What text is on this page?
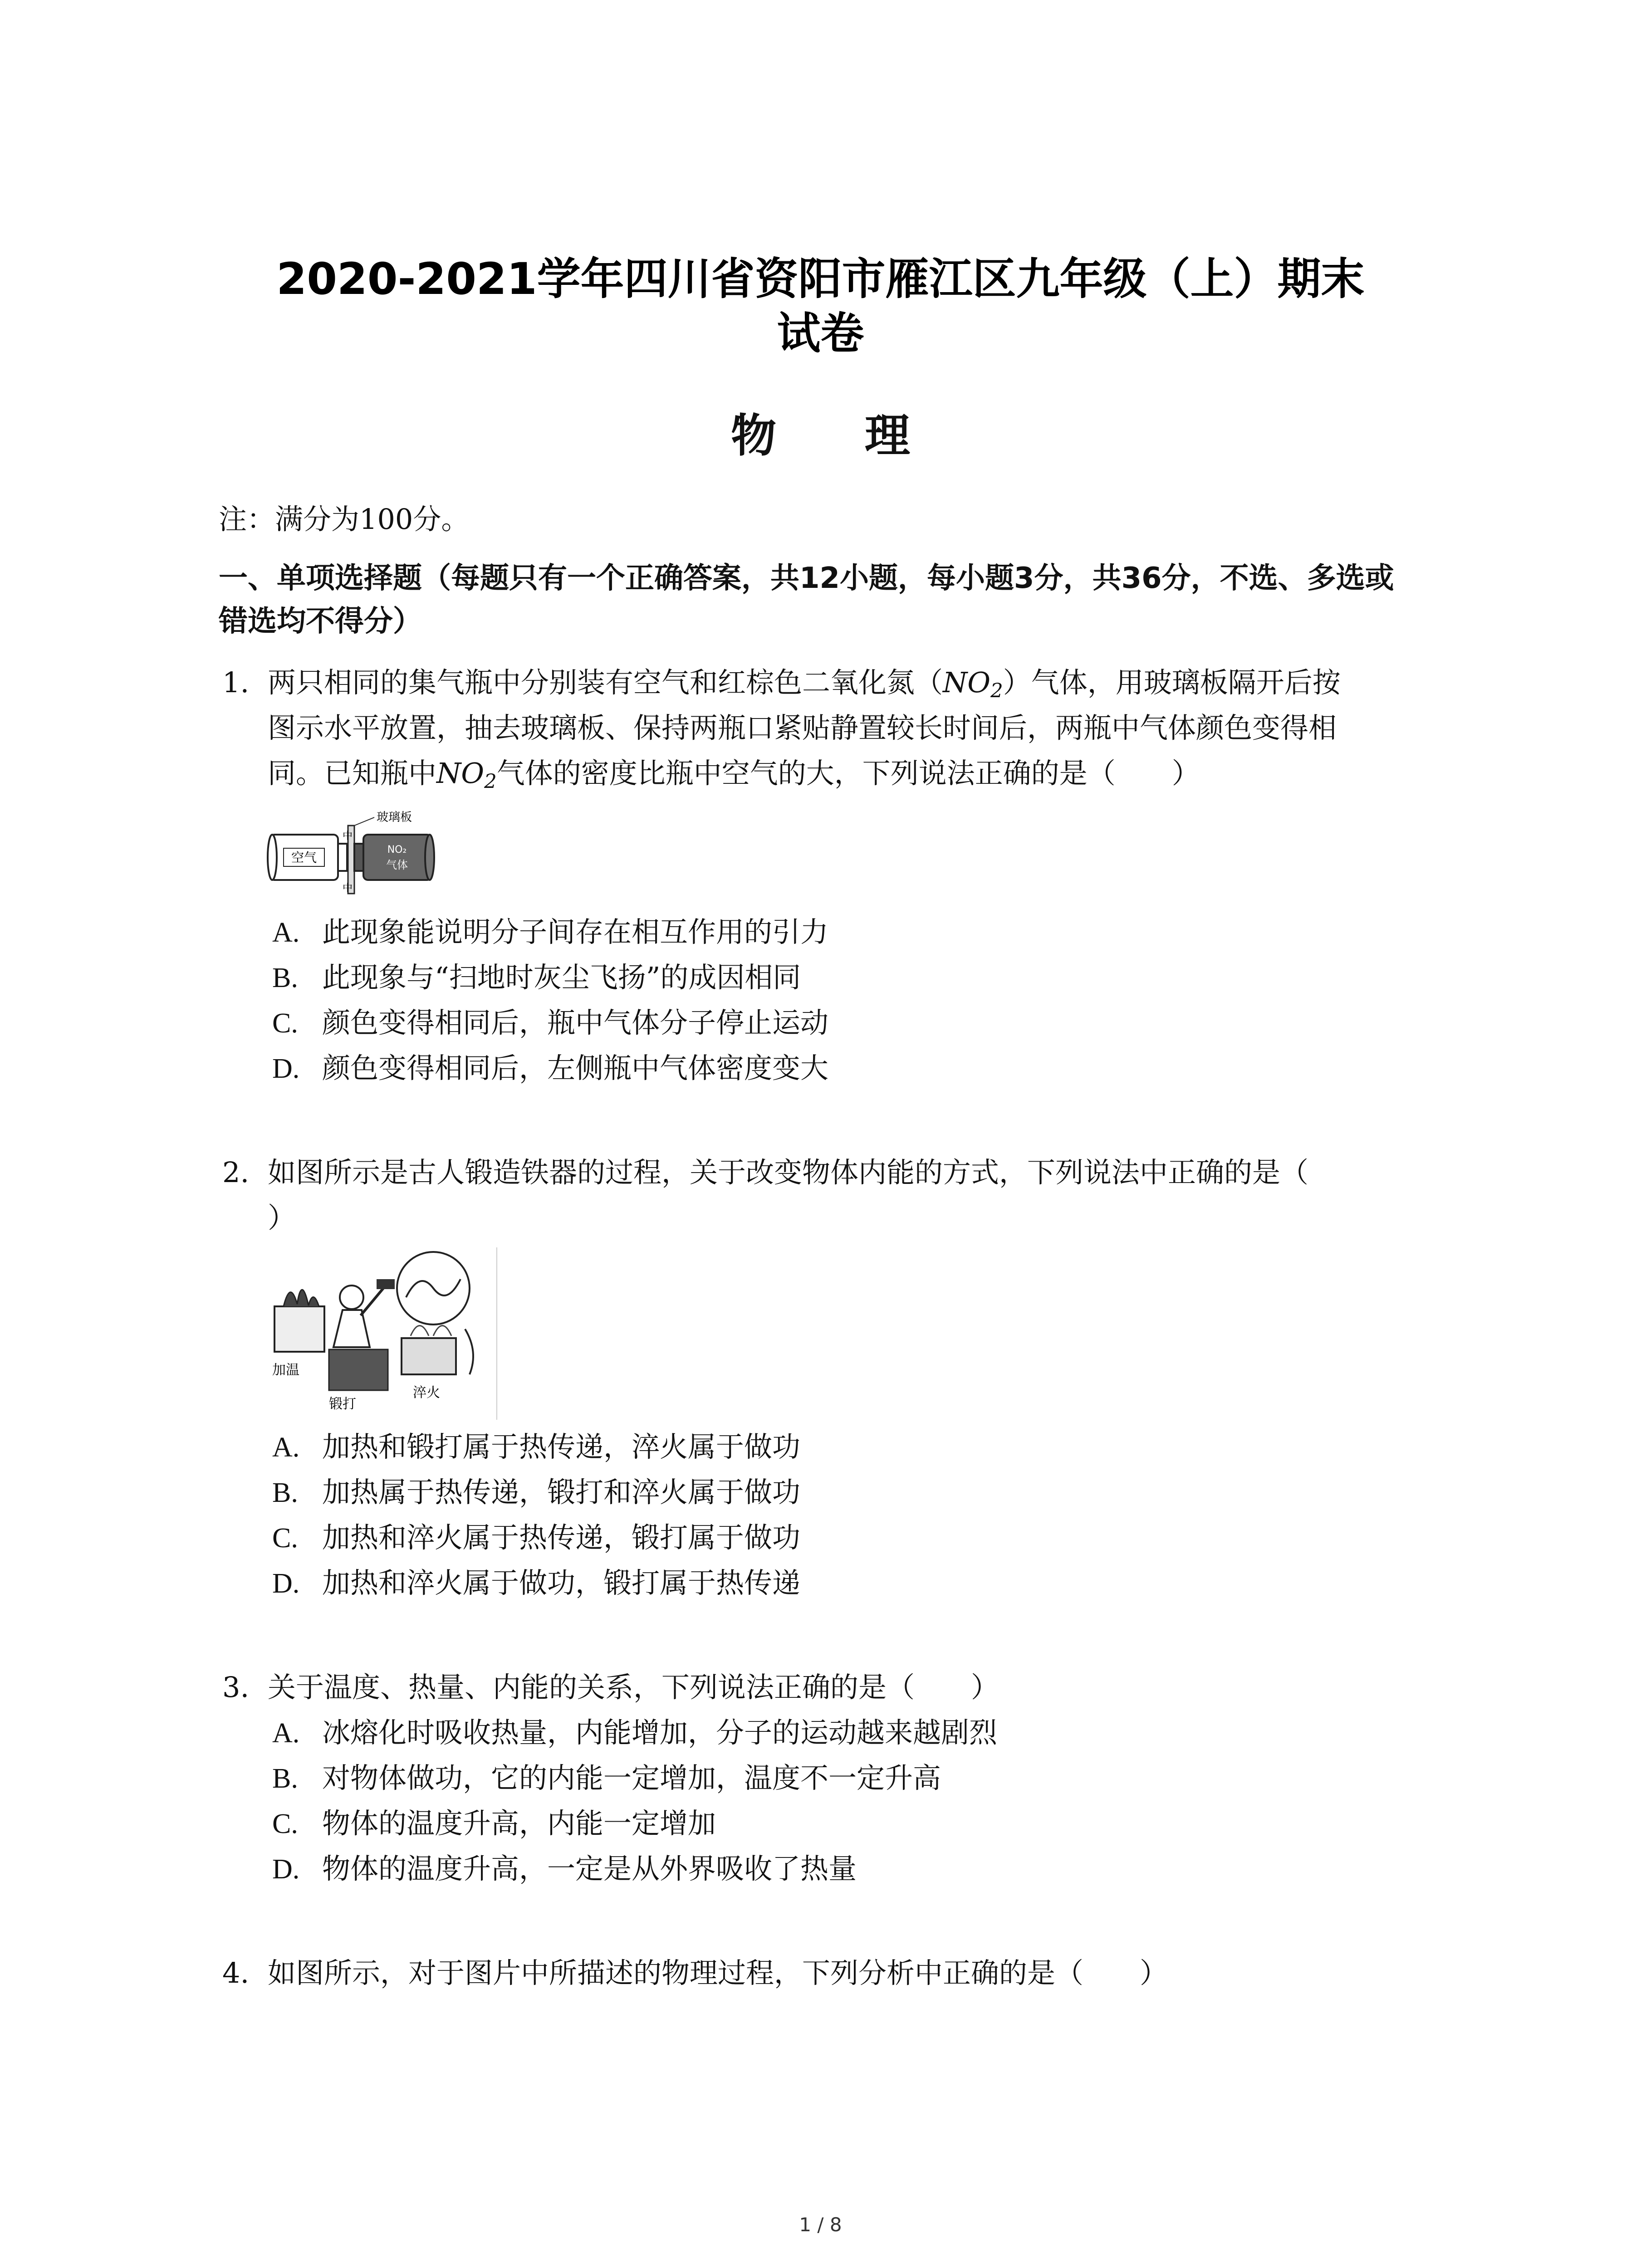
2020-2021学年四川省资阳市雁江区九年级（上）期末
试卷
物 理
注：满分为100分。
一、单项选择题（每题只有一个正确答案，共12小题，每小题3分，共36分，不选、多选或
错选均不得分）
1. 两只相同的集气瓶中分别装有空气和红棕色二氧化氮$(NO_2)$气体，用玻璃板隔开后按
图示水平放置，抽去玻璃板、保持两瓶口紧贴静置较长时间后，两瓶中气体颜色变得相
同。已知瓶中$NO_2$气体的密度比瓶中空气的大，下列说法正确的是（　　）
空气
中
中
NO₂
气体
玻璃板
A. 此现象能说明分子间存在相互作用的引力
B. 此现象与“扫地时灰尘飞扬”的成因相同
C. 颜色变得相同后，瓶中气体分子停止运动
D. 颜色变得相同后，左侧瓶中气体密度变大
2. 如图所示是古人锻造铁器的过程，关于改变物体内能的方式，下列说法中正确的是（
）
加温
锻打
淬火
A. 加热和锻打属于热传递，淬火属于做功
B. 加热属于热传递，锻打和淬火属于做功
C. 加热和淬火属于热传递，锻打属于做功
D. 加热和淬火属于做功，锻打属于热传递
3. 关于温度、热量、内能的关系，下列说法正确的是（　　）
A. 冰熔化时吸收热量，内能增加，分子的运动越来越剧烈
B. 对物体做功，它的内能一定增加，温度不一定升高
C. 物体的温度升高，内能一定增加
D. 物体的温度升高，一定是从外界吸收了热量
4. 如图所示，对于图片中所描述的物理过程，下列分析中正确的是（　　）
1 / 8
